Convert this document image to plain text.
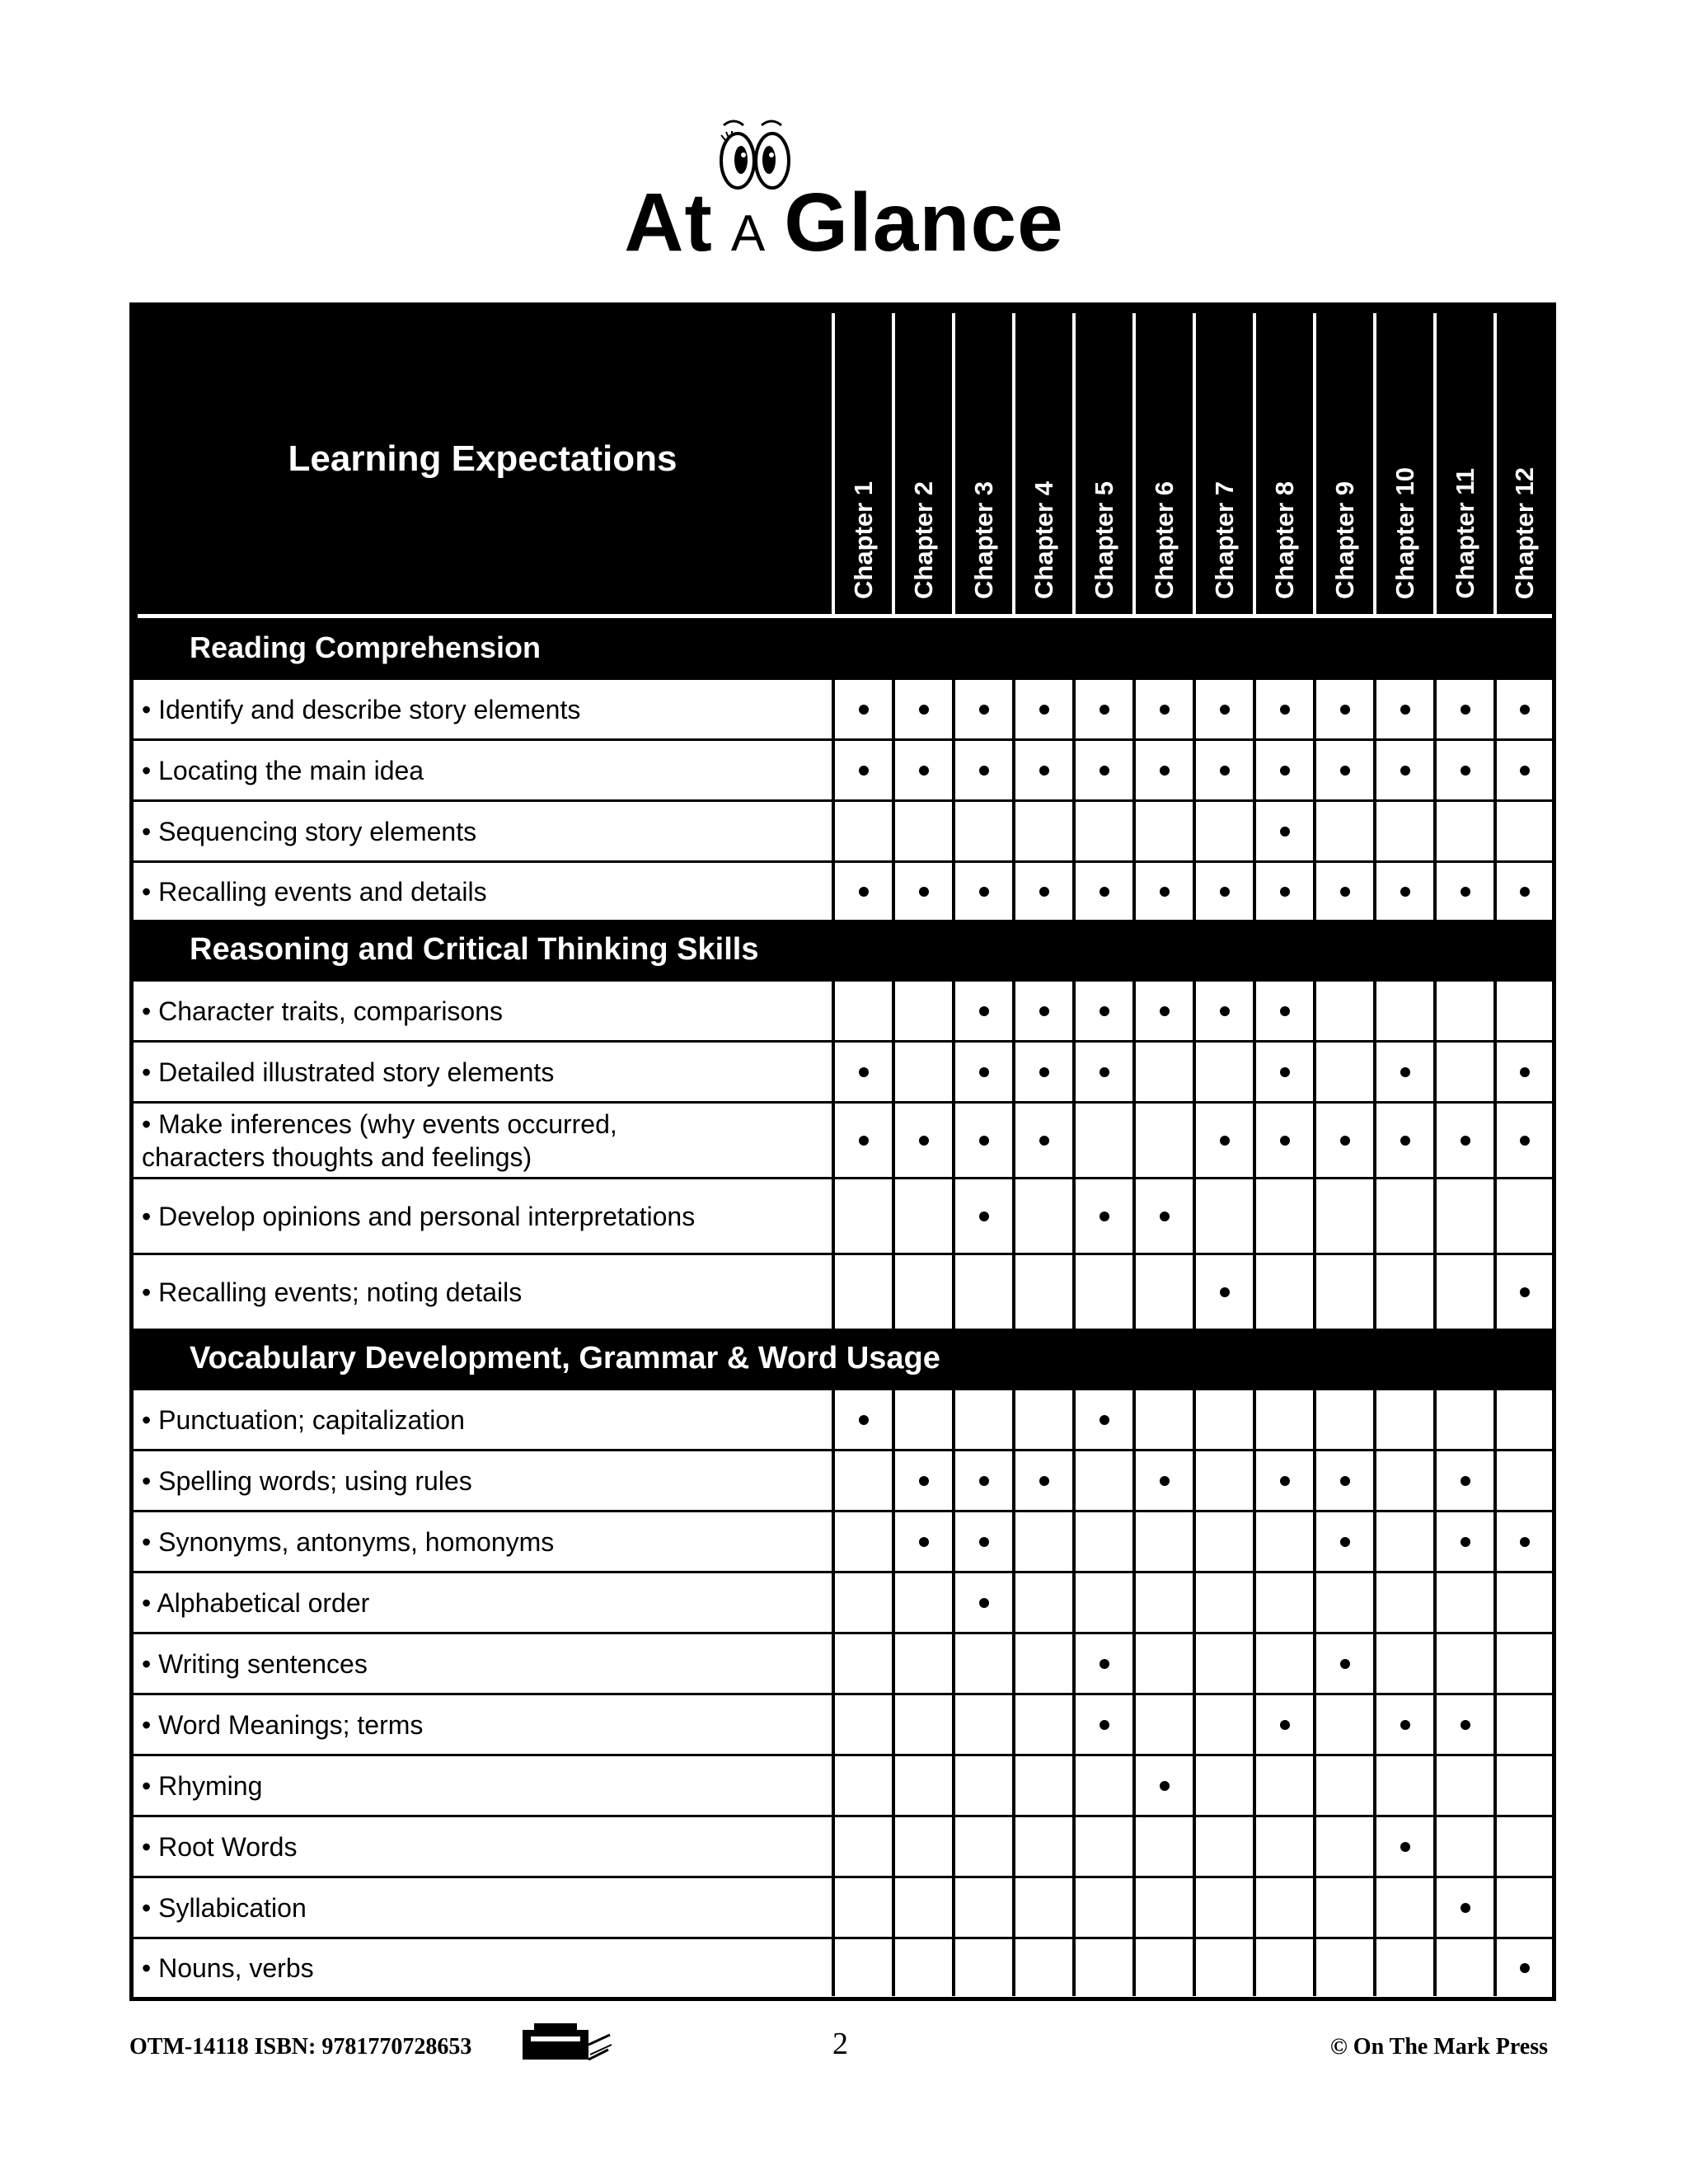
At A Glance
Learning Expectations
Chapter 1 Chapter 2 Chapter 3 Chapter 4 Chapter 5 Chapter 6 Chapter 7 Chapter 8 Chapter 9 Chapter 10 Chapter 11 Chapter 12
Reading Comprehension
• Identify and describe story elements
• Locating the main idea
• Sequencing story elements
• Recalling events and details
Reasoning and Critical Thinking Skills
• Character traits, comparisons
• Detailed illustrated story elements
• Make inferences (why events occurred,
characters thoughts and feelings)
• Develop opinions and personal interpretations
• Recalling events; noting details
Vocabulary Development, Grammar & Word Usage
• Punctuation; capitalization
• Spelling words; using rules
• Synonyms, antonyms, homonyms
• Alphabetical order
• Writing sentences
• Word Meanings; terms
• Rhyming
• Root Words
• Syllabication
• Nouns, verbs
OTM-14118 ISBN: 9781770728653	2	© On The Mark Press
